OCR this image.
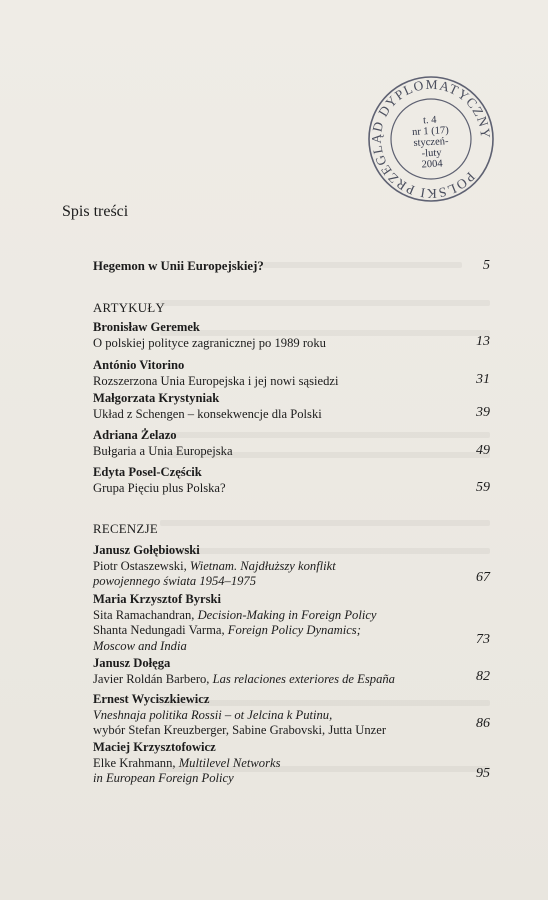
POLSKI PRZEGLĄD DYPLOMATYCZNY
t. 4
nr 1 (17)
styczeń-
-luty
2004
Spis treści
Hegemon w Unii Europejskiej?	5
ARTYKUŁY
Bronisław Geremek
O polskiej polityce zagranicznej po 1989 roku	13
António Vitorino
Rozszerzona Unia Europejska i jej nowi sąsiedzi	31
Małgorzata Krystyniak
Układ z Schengen – konsekwencje dla Polski	39
Adriana Żelazo
Bułgaria a Unia Europejska	49
Edyta Posel-Częścik
Grupa Pięciu plus Polska?	59
RECENZJE
Janusz Gołębiowski
Piotr Ostaszewski, Wietnam. Najdłuższy konflikt
powojennego świata 1954–1975	67
Maria Krzysztof Byrski
Sita Ramachandran, Decision-Making in Foreign Policy
Shanta Nedungadi Varma, Foreign Policy Dynamics;
Moscow and India	73
Janusz Dołęga
Javier Roldán Barbero, Las relaciones exteriores de España	82
Ernest Wyciszkiewicz
Vneshnaja politika Rossii – ot Jelcina k Putinu,
wybór Stefan Kreuzberger, Sabine Grabovski, Jutta Unzer	86
Maciej Krzysztofowicz
Elke Krahmann, Multilevel Networks
in European Foreign Policy	95
